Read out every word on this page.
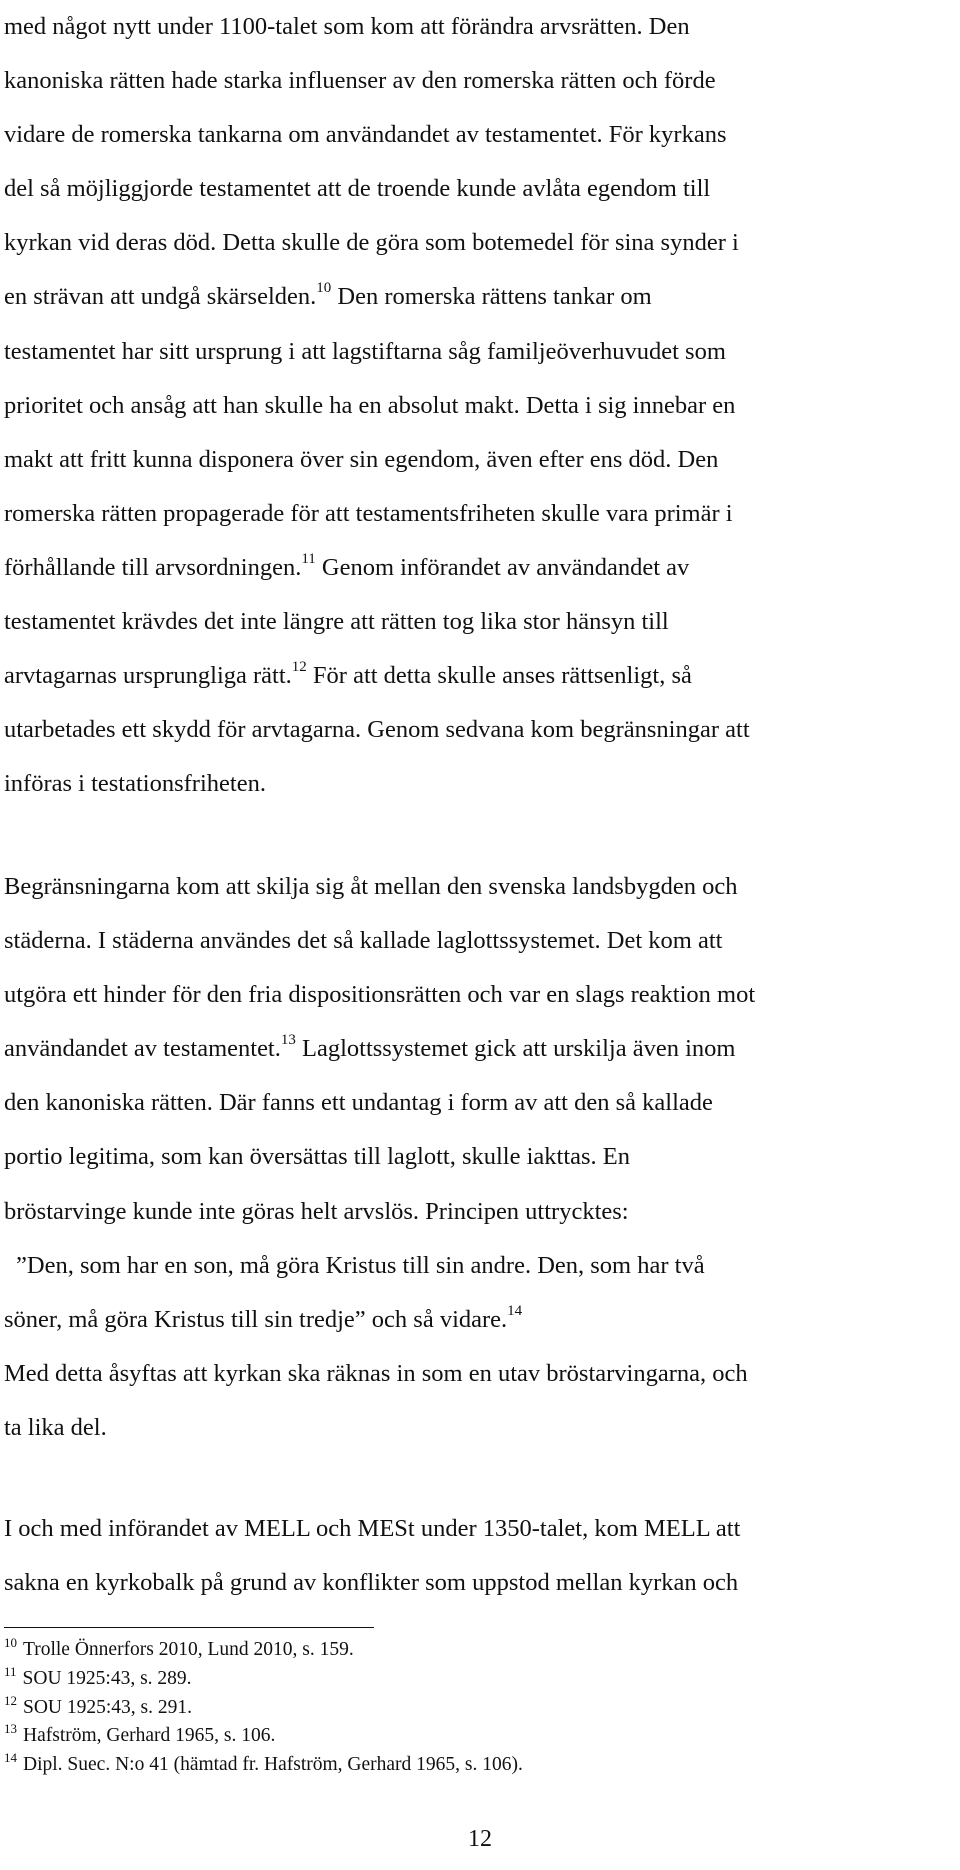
med något nytt under 1100-talet som kom att förändra arvsrätten. Den
kanoniska rätten hade starka influenser av den romerska rätten och förde
vidare de romerska tankarna om användandet av testamentet. För kyrkans
del så möjliggjorde testamentet att de troende kunde avlåta egendom till
kyrkan vid deras död. Detta skulle de göra som botemedel för sina synder i
en strävan att undgå skärselden.$^{10}$ Den romerska rättens tankar om
testamentet har sitt ursprung i att lagstiftarna såg familjeöverhuvudet som
prioritet och ansåg att han skulle ha en absolut makt. Detta i sig innebar en
makt att fritt kunna disponera över sin egendom, även efter ens död. Den
romerska rätten propagerade för att testamentsfriheten skulle vara primär i
förhållande till arvsordningen.$^{11}$ Genom införandet av användandet av
testamentet krävdes det inte längre att rätten tog lika stor hänsyn till
arvtagarnas ursprungliga rätt.$^{12}$ För att detta skulle anses rättsenligt, så
utarbetades ett skydd för arvtagarna. Genom sedvana kom begränsningar att
införas i testationsfriheten.
Begränsningarna kom att skilja sig åt mellan den svenska landsbygden och
städerna. I städerna användes det så kallade laglottssystemet. Det kom att
utgöra ett hinder för den fria dispositionsrätten och var en slags reaktion mot
användandet av testamentet.$^{13}$ Laglottssystemet gick att urskilja även inom
den kanoniska rätten. Där fanns ett undantag i form av att den så kallade
portio legitima, som kan översättas till laglott, skulle iakttas. En
bröstarvinge kunde inte göras helt arvslös. Principen uttrycktes:
”Den, som har en son, må göra Kristus till sin andre. Den, som har två
söner, må göra Kristus till sin tredje” och så vidare.$^{14}$
Med detta åsyftas att kyrkan ska räknas in som en utav bröstarvingarna, och
ta lika del.
I och med införandet av MELL och MESt under 1350-talet, kom MELL att
sakna en kyrkobalk på grund av konflikter som uppstod mellan kyrkan och
$^{10}$ Trolle Önnerfors 2010, Lund 2010, s. 159.
$^{11}$ SOU 1925:43, s. 289.
$^{12}$ SOU 1925:43, s. 291.
$^{13}$ Hafström, Gerhard 1965, s. 106.
$^{14}$ Dipl. Suec. N:o 41 (hämtad fr. Hafström, Gerhard 1965, s. 106).
12
